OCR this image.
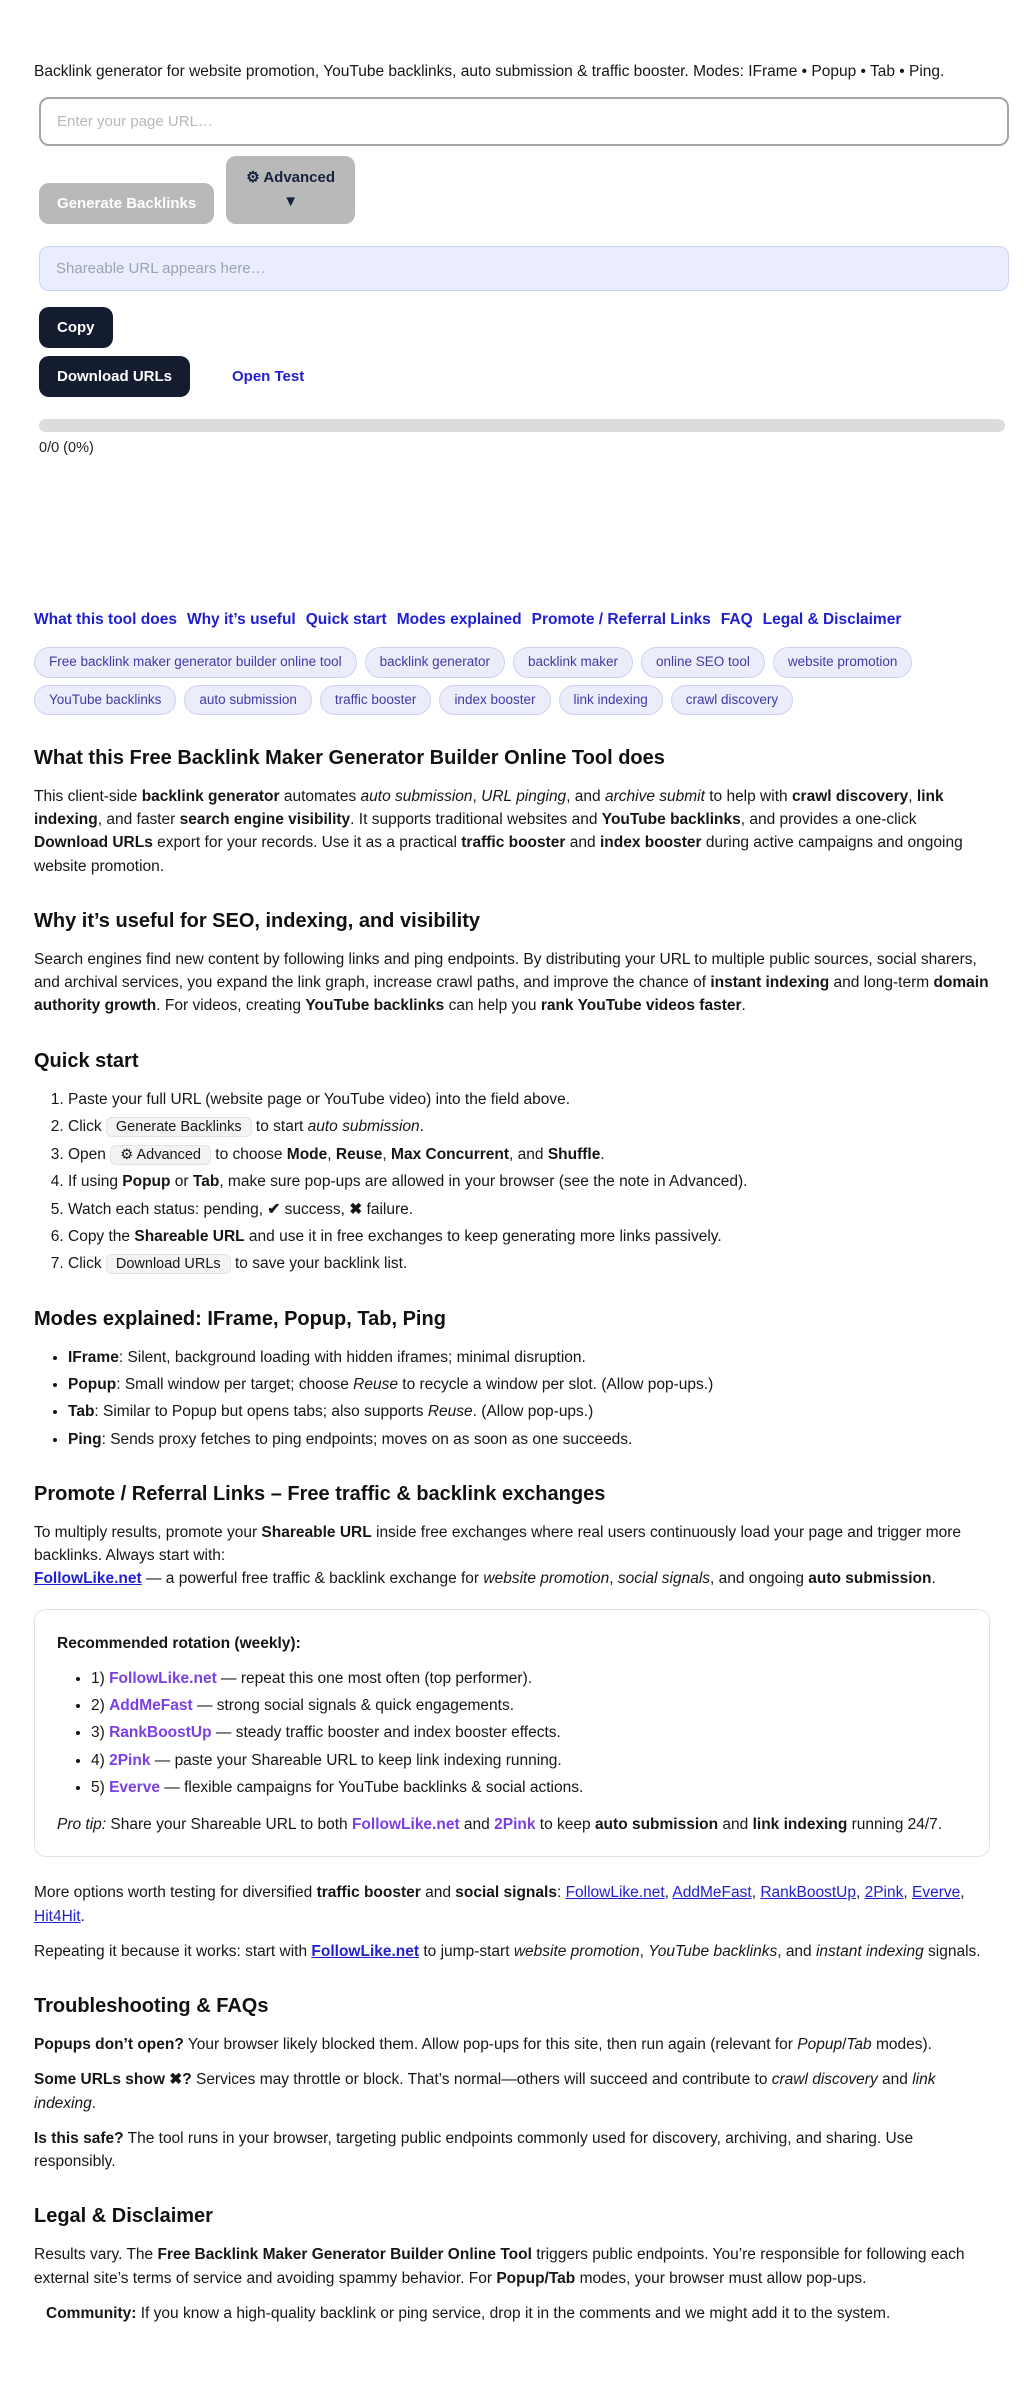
Backlink generator for website promotion, YouTube backlinks, auto submission & traffic booster. Modes: IFrame • Popup • Tab • Ping.

Enter your page URL…
Generate Backlinks
⚙ Advanced
▼
Shareable URL appears here…
Copy
Download URLs	Open Test

0/0 (0%)

What this tool does Why it’s useful Quick start Modes explained Promote / Referral Links FAQ Legal & Disclaimer
Free backlink maker generator builder online tool	backlink generator	backlink maker	online SEO tool	website promotion
YouTube backlinks	auto submission	traffic booster	index booster	link indexing	crawl discovery
What this Free Backlink Maker Generator Builder Online Tool does

This client-side backlink generator automates auto submission, URL pinging, and archive submit to help with crawl discovery, link indexing, and faster search engine visibility. It supports traditional websites and YouTube backlinks, and provides a one-click Download URLs export for your records. Use it as a practical traffic booster and index booster during active campaigns and ongoing website promotion.

Why it’s useful for SEO, indexing, and visibility

Search engines find new content by following links and ping endpoints. By distributing your URL to multiple public sources, social sharers, and archival services, you expand the link graph, increase crawl paths, and improve the chance of instant indexing and long-term domain authority growth. For videos, creating YouTube backlinks can help you rank YouTube videos faster.

Quick start
1. Paste your full URL (website page or YouTube video) into the field above.
2. Click Generate Backlinks to start auto submission.
3. Open ⚙ Advanced to choose Mode, Reuse, Max Concurrent, and Shuffle.
4. If using Popup or Tab, make sure pop-ups are allowed in your browser (see the note in Advanced).
5. Watch each status: pending, ✔ success, ✖ failure.
6. Copy the Shareable URL and use it in free exchanges to keep generating more links passively.
7. Click Download URLs to save your backlink list.
Modes explained: IFrame, Popup, Tab, Ping
• IFrame: Silent, background loading with hidden iframes; minimal disruption.
• Popup: Small window per target; choose Reuse to recycle a window per slot. (Allow pop-ups.)
• Tab: Similar to Popup but opens tabs; also supports Reuse. (Allow pop-ups.)
• Ping: Sends proxy fetches to ping endpoints; moves on as soon as one succeeds.
Promote / Referral Links – Free traffic & backlink exchanges

To multiply results, promote your Shareable URL inside free exchanges where real users continuously load your page and trigger more backlinks. Always start with:
FollowLike.net — a powerful free traffic & backlink exchange for website promotion, social signals, and ongoing auto submission.

Recommended rotation (weekly):

• 1) FollowLike.net — repeat this one most often (top performer).
• 2) AddMeFast — strong social signals & quick engagements.
• 3) RankBoostUp — steady traffic booster and index booster effects.
• 4) 2Pink — paste your Shareable URL to keep link indexing running.
• 5) Everve — flexible campaigns for YouTube backlinks & social actions.

Pro tip: Share your Shareable URL to both FollowLike.net and 2Pink to keep auto submission and link indexing running 24/7.

More options worth testing for diversified traffic booster and social signals: FollowLike.net, AddMeFast, RankBoostUp, 2Pink, Everve, Hit4Hit.

Repeating it because it works: start with FollowLike.net to jump-start website promotion, YouTube backlinks, and instant indexing signals.

Troubleshooting & FAQs

Popups don’t open? Your browser likely blocked them. Allow pop-ups for this site, then run again (relevant for Popup/Tab modes).

Some URLs show ✖? Services may throttle or block. That’s normal—others will succeed and contribute to crawl discovery and link indexing.

Is this safe? The tool runs in your browser, targeting public endpoints commonly used for discovery, archiving, and sharing. Use responsibly.

Legal & Disclaimer

Results vary. The Free Backlink Maker Generator Builder Online Tool triggers public endpoints. You’re responsible for following each external site’s terms of service and avoiding spammy behavior. For Popup/Tab modes, your browser must allow pop-ups.

Community: If you know a high-quality backlink or ping service, drop it in the comments and we might add it to the system.
